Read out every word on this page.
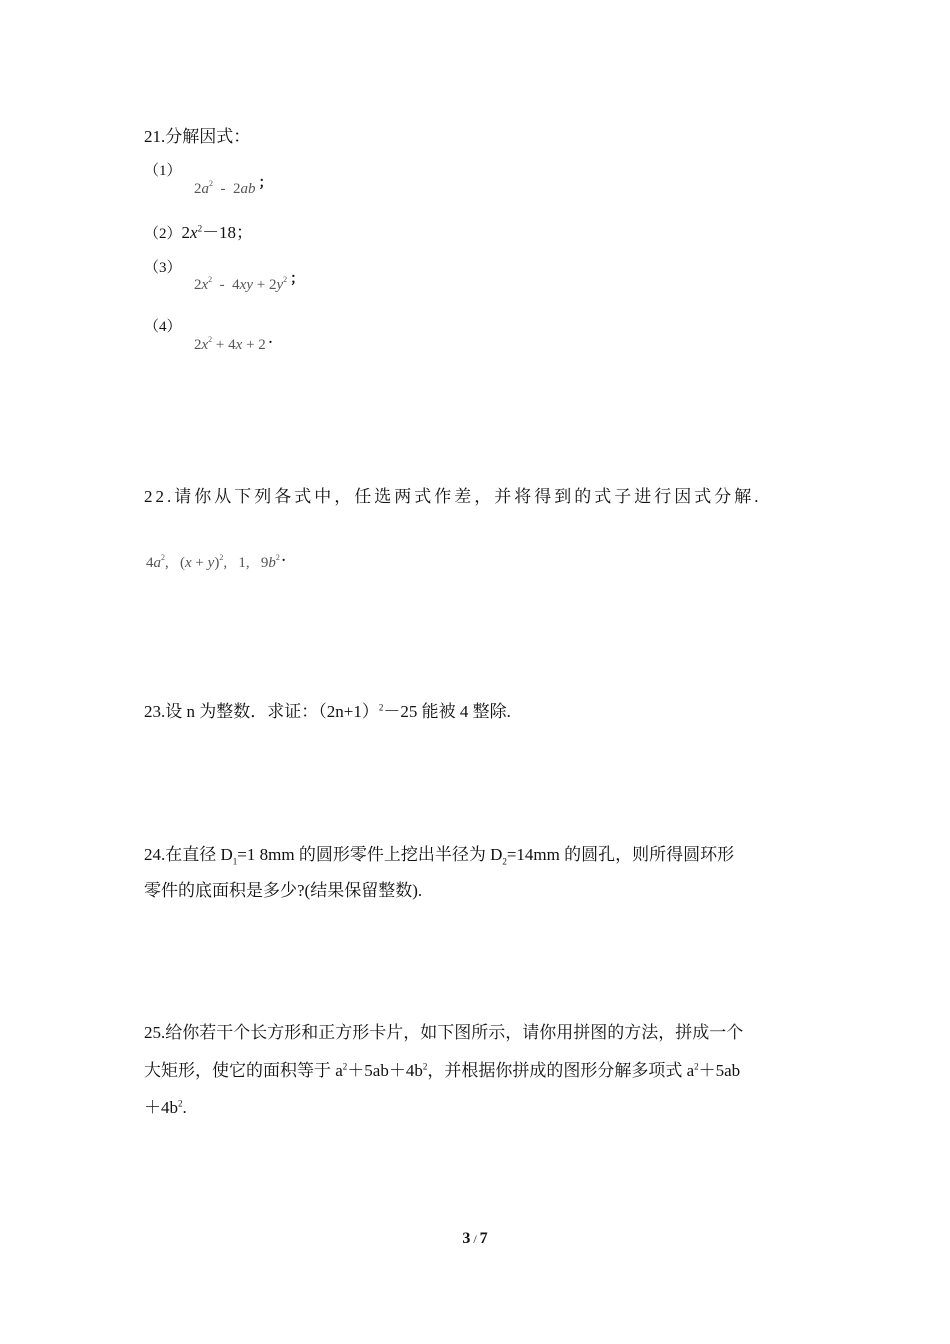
21.分解因式：
（1）
$2a^2 - 2ab$ ；
$(2)2x^2-18$；
（3）
$2x^2 - 4xy + 2y^2$ ；
（4）
$2x^2 + 4x + 2$ .
22.请你从下列各式中，任选两式作差，并将得到的式子进行因式分解.
$4a^2$,   $(x + y)^2$,   1,   $9b^2$ .
23.设 n 为整数．求证：$(2n+1)^2-25$ 能被 4 整除.
24.在直径 $D_1=1$ 8mm 的圆形零件上挖出半径为 $D_2=14mm$ 的圆孔，则所得圆环形
零件的底面积是多少?(结果保留整数).
25.给你若干个长方形和正方形卡片，如下图所示，请你用拼图的方法，拼成一个
大矩形，使它的面积等于 $a^2+5ab+4b^2$，并根据你拼成的图形分解多项式 $a^2+5ab$
$+4b^2$.
3 / 7
